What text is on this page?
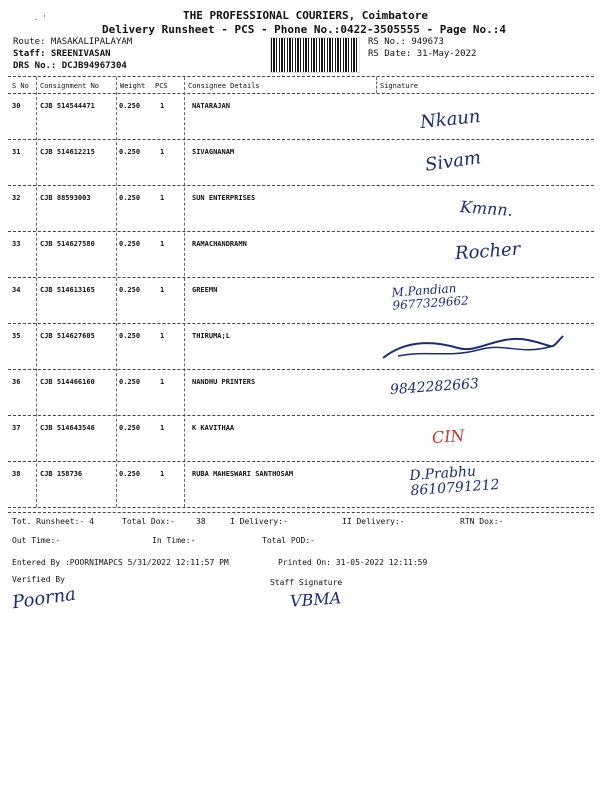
. '	THE PROFESSIONAL COURIERS, Coimbatore
Delivery Runsheet - PCS - Phone No.:0422-3505555 - Page No.:4
Route: MASAKALIPALAYAM
Staff: SREENIVASAN
DRS No.: DCJB94967304
RS No.: 949673
RS Date: 31-May-2022
S No Consignment No	Weight PCS	Consignee Details	Signature
30	CJB 514544471	0.250	1	NATARAJAN	Nkaun
31	CJB 514612215	0.250	1	SIVAGNANAM	Sivam
32	CJB 88593003	0.250	1	SUN ENTERPRISES	Kmnn.
33	CJB 514627580	0.250	1	RAMACHANDRAMN	Rocher
34	CJB 514613165	0.250	1	GREEMN	M.Pandian
9677329662
35	CJB 514627605	0.250	1	THIRUMA;L
36	CJB 514466160	0.250	1	NANDHU PRINTERS	9842282663
37	CJB 514643546	0.250	1	K KAVITHAA	CIN
38	CJB 158736	0.250	1	RUBA MAHESWARI SANTHOSAM	D.Prabhu
8610791212
Tot. Runsheet:- 4	Total Dox:-	38	I Delivery:-	II Delivery:-	RTN Dox:-
Out Time:-	In Time:-	Total POD:-
Entered By :POORNIMAPCS 5/31/2022 12:11:57 PM	Printed On: 31-05-2022 12:11:59
Verified By	Staff Signature
Poorna	VBMA
